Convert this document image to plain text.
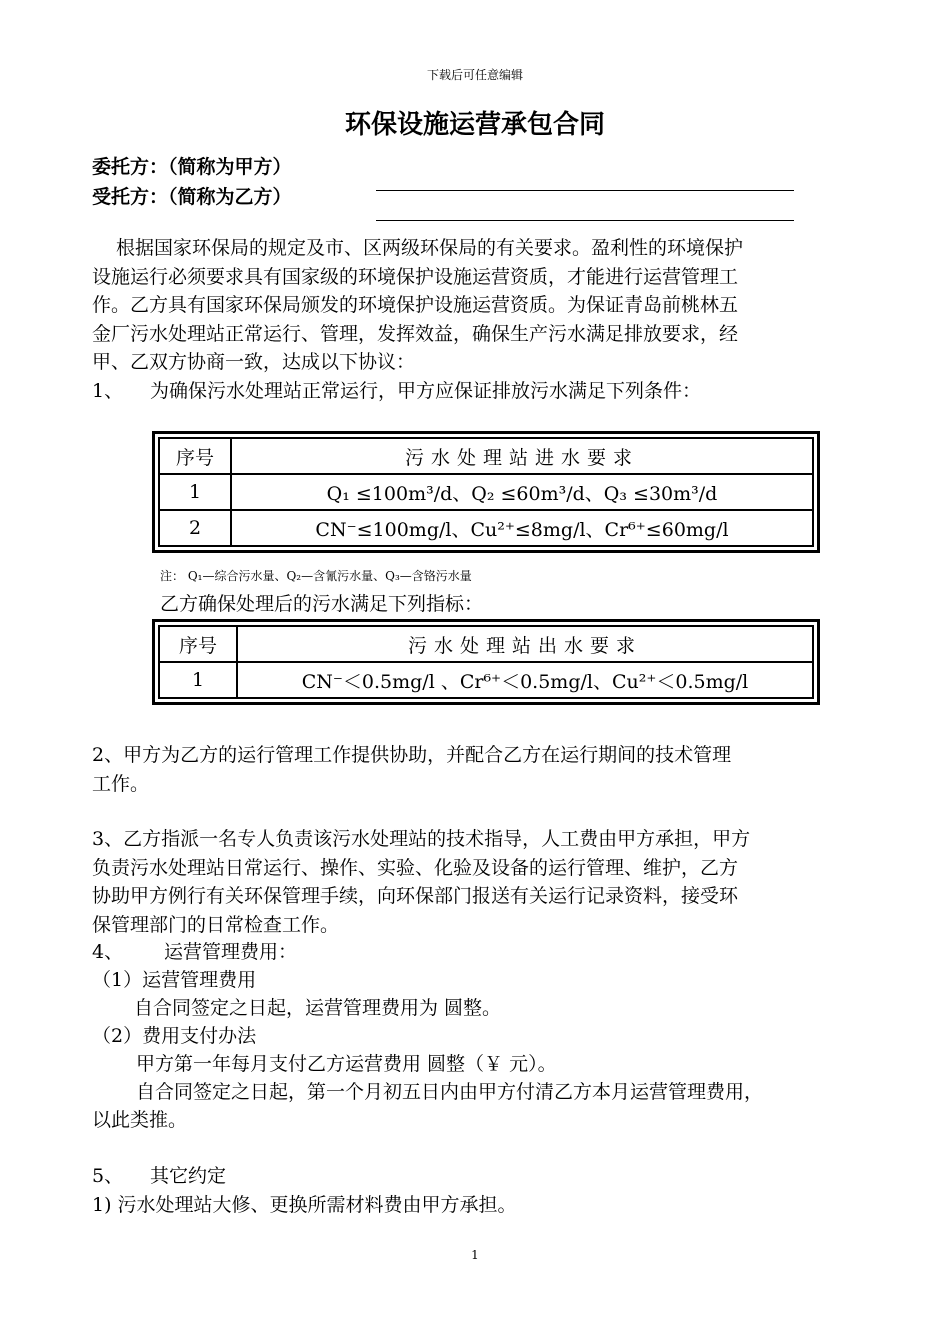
下载后可任意编辑
环保设施运营承包合同
委托方：（简称为甲方）
受托方：（简称为乙方）
根据国家环保局的规定及市、区两级环保局的有关要求。盈利性的环境保护
设施运行必须要求具有国家级的环境保护设施运营资质，才能进行运营管理工
作。乙方具有国家环保局颁发的环境保护设施运营资质。为保证青岛前桃林五
金厂污水处理站正常运行、管理，发挥效益，确保生产污水满足排放要求，经
甲、乙双方协商一致，达成以下协议：
1、 为确保污水处理站正常运行，甲方应保证排放污水满足下列条件：
序号	污水处理站进水要求
1	Q₁ ≤100m³/d、Q₂ ≤60m³/d、Q₃ ≤30m³/d
2	CN⁻≤100mg/l、Cu²⁺≤8mg/l、Cr⁶⁺≤60mg/l
注： Q₁—综合污水量、Q₂—含氰污水量、Q₃—含铬污水量
乙方确保处理后的污水满足下列指标：
序号	污水处理站出水要求
1	CN⁻＜0.5mg/l 、Cr⁶⁺＜0.5mg/l、Cu²⁺＜0.5mg/l
2、甲方为乙方的运行管理工作提供协助，并配合乙方在运行期间的技术管理
工作。
3、乙方指派一名专人负责该污水处理站的技术指导，人工费由甲方承担，甲方
负责污水处理站日常运行、操作、实验、化验及设备的运行管理、维护，乙方
协助甲方例行有关环保管理手续，向环保部门报送有关运行记录资料，接受环
保管理部门的日常检查工作。
4、 运营管理费用：
（1）运营管理费用
自合同签定之日起，运营管理费用为 圆整。
（2）费用支付办法
甲方第一年每月支付乙方运营费用 圆整（￥ 元）。
自合同签定之日起，第一个月初五日内由甲方付清乙方本月运营管理费用，
以此类推。
5、 其它约定
1) 污水处理站大修、更换所需材料费由甲方承担。
1
